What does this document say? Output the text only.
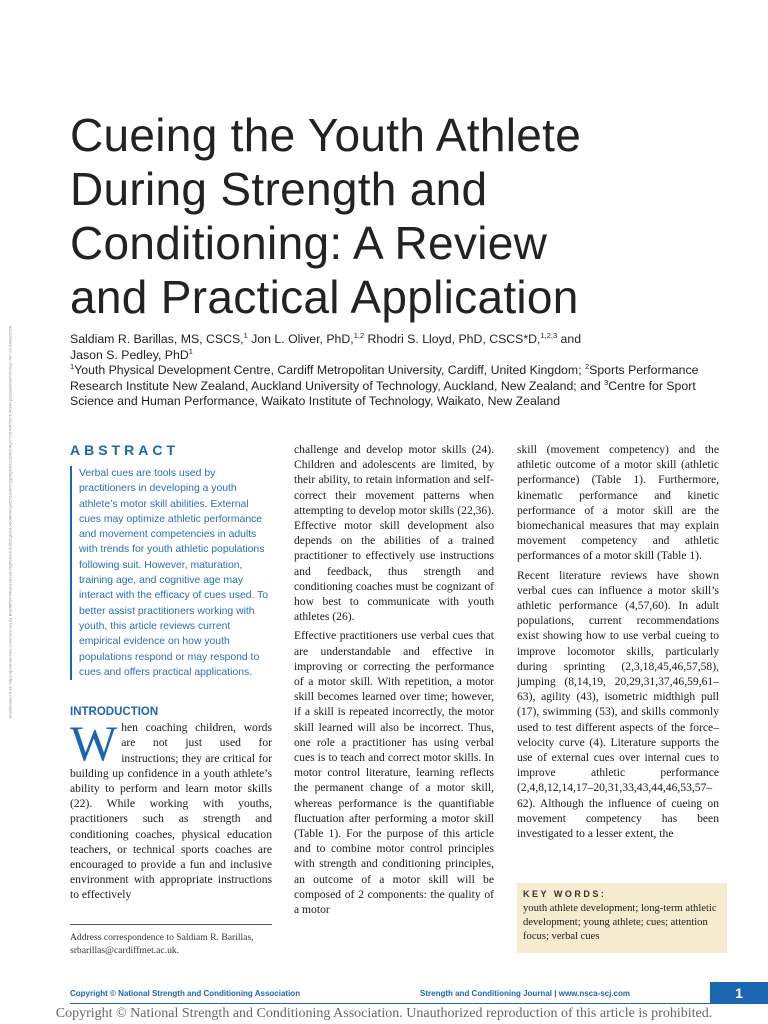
Downloaded from https://journals.lww.com/nsca-scj by BhDMf5ePHKav1zEoum1tQfN4a+kJLhEZgbsIHo4XMi0hCywCX1AWnYQp/IlQrHD3i3D0OdRyi7TvSFl4Cf3VC4/OAVpDDa8KKGKV0Ymy+78= on 04/06/2026
Cueing the Youth Athlete
During Strength and
Conditioning: A Review
and Practical Application
Saldiam R. Barillas, MS, CSCS,$^1$ Jon L. Oliver, PhD,$^{1,2}$ Rhodri S. Lloyd, PhD, CSCS*D,$^{1,2,3}$ and
Jason S. Pedley, PhD$^1$
$^1$Youth Physical Development Centre, Cardiff Metropolitan University, Cardiff, United Kingdom; $^2$Sports Performance
Research Institute New Zealand, Auckland University of Technology, Auckland, New Zealand; and $^3$Centre for Sport
Science and Human Performance, Waikato Institute of Technology, Waikato, New Zealand
ABSTRACT
Verbal cues are tools used by practitioners in developing a youth athlete’s motor skill abilities. External cues may optimize athletic performance and movement competencies in adults with trends for youth athletic populations following suit. However, maturation, training age, and cognitive age may interact with the efficacy of cues used. To better assist practitioners working with youth, this article reviews current empirical evidence on how youth populations respond or may respond to cues and offers practical applications.
INTRODUCTION

When coaching children, words are not just used for instructions; they are critical for building up confidence in a youth athlete’s ability to perform and learn motor skills (22). While working with youths, practitioners such as strength and conditioning coaches, physical education teachers, or technical sports coaches are encouraged to provide a fun and inclusive environment with appropriate instructions to effectively

Address correspondence to Saldiam R. Barillas, srbarillas@cardiffmet.ac.uk.

challenge and develop motor skills (24). Children and adolescents are limited, by their ability, to retain information and self-correct their movement patterns when attempting to develop motor skills (22,36). Effective motor skill development also depends on the abilities of a trained practitioner to effectively use instructions and feedback, thus strength and conditioning coaches must be cognizant of how best to communicate with youth athletes (26).

Effective practitioners use verbal cues that are understandable and effective in improving or correcting the performance of a motor skill. With repetition, a motor skill becomes learned over time; however, if a skill is repeated incorrectly, the motor skill learned will also be incorrect. Thus, one role a practitioner has using verbal cues is to teach and correct motor skills. In motor control literature, learning reflects the permanent change of a motor skill, whereas performance is the quantifiable fluctuation after performing a motor skill (Table 1). For the purpose of this article and to combine motor control principles with strength and conditioning principles, an outcome of a motor skill will be composed of 2 components: the quality of a motor

skill (movement competency) and the athletic outcome of a motor skill (athletic performance) (Table 1). Furthermore, kinematic performance and kinetic performance of a motor skill are the biomechanical measures that may explain movement competency and athletic performances of a motor skill (Table 1).

Recent literature reviews have shown verbal cues can influence a motor skill’s athletic performance (4,57,60). In adult populations, current recommendations exist showing how to use verbal cueing to improve locomotor skills, particularly during sprinting (2,3,18,45,46,57,58), jumping (8,14,19, 20,29,31,37,46,59,61–63), agility (43), isometric midthigh pull (17), swimming (53), and skills commonly used to test different aspects of the force–velocity curve (4). Literature supports the use of external cues over internal cues to improve athletic performance (2,4,8,12,14,17–20,31,33,43,44,46,53,57–62). Although the influence of cueing on movement competency has been investigated to a lesser extent, the

KEY WORDS:
youth athlete development; long-term athletic development; young athlete; cues; attention focus; verbal cues
Copyright © National Strength and Conditioning Association	Strength and Conditioning Journal | www.nsca-scj.com	1
Copyright © National Strength and Conditioning Association. Unauthorized reproduction of this article is prohibited.
